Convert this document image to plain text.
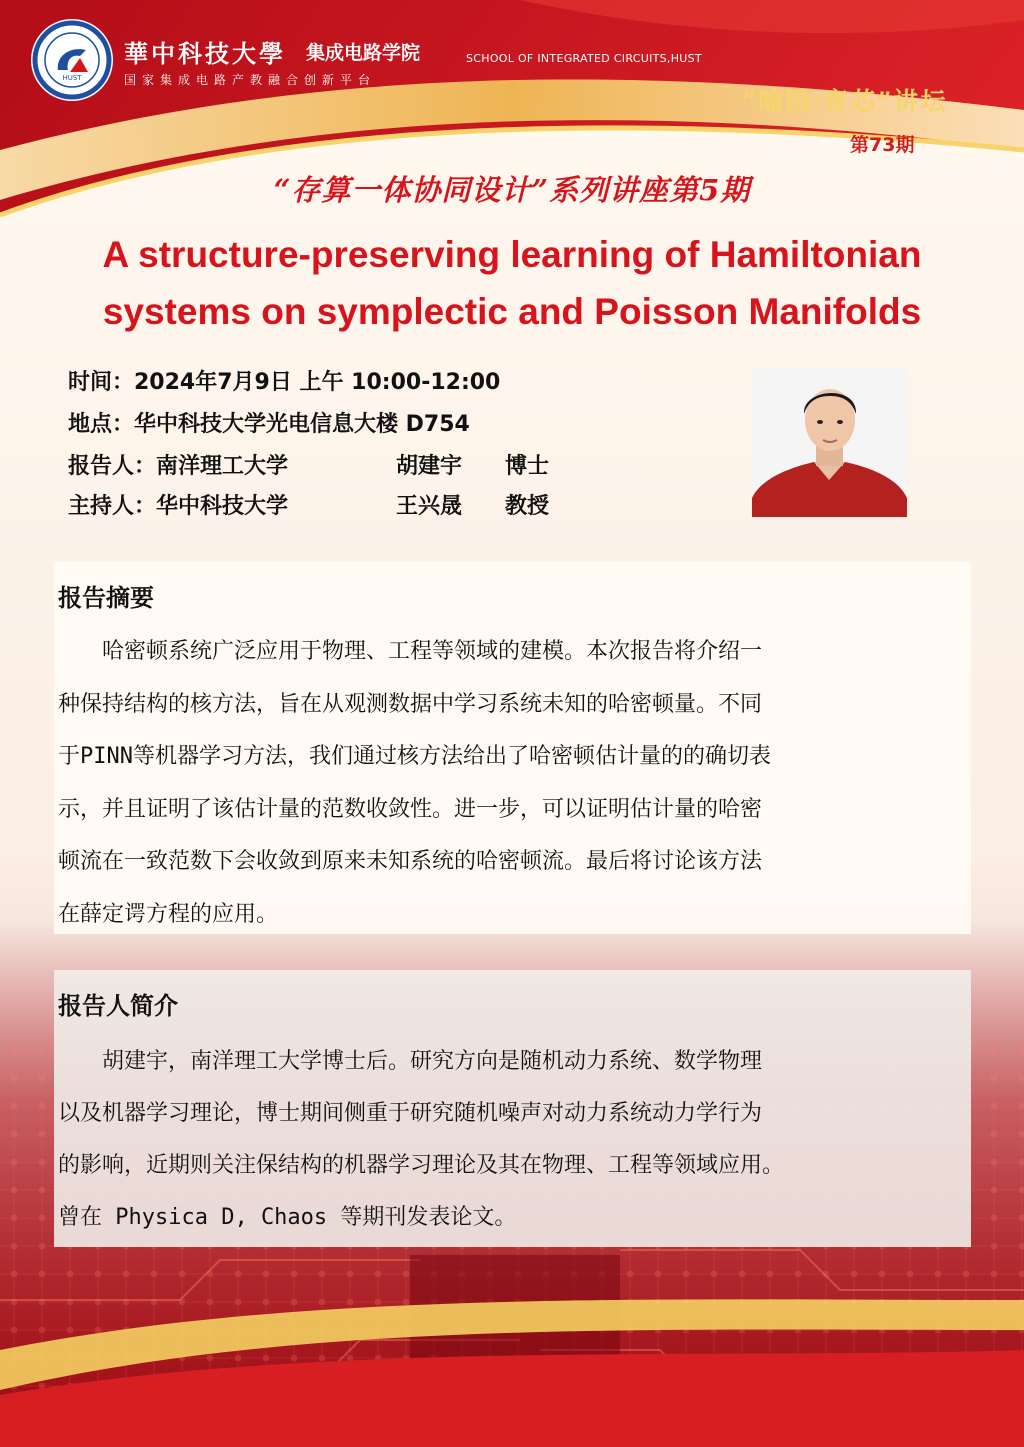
HUST
華中科技大學 集成电路学院	SCHOOL OF INTEGRATED CIRCUITS,HUST
国家集成电路产教融合创新平台
“喻园·育芯”讲坛
第73期
“存算一体协同设计”系列讲座第5期
A structure-preserving learning of Hamiltonian systems on symplectic and Poisson Manifolds
时间：2024年7月9日 上午 10:00-12:00
地点：华中科技大学光电信息大楼 D754
报告人：南洋理工大学	胡建宇 博士
主持人：华中科技大学	王兴晟 教授
报告摘要
　　哈密顿系统广泛应用于物理、工程等领域的建模。本次报告将介绍一
种保持结构的核方法，旨在从观测数据中学习系统未知的哈密顿量。不同
于PINN等机器学习方法，我们通过核方法给出了哈密顿估计量的的确切表
示，并且证明了该估计量的范数收敛性。进一步，可以证明估计量的哈密
顿流在一致范数下会收敛到原来未知系统的哈密顿流。最后将讨论该方法
在薛定谔方程的应用。
报告人简介
　　胡建宇，南洋理工大学博士后。研究方向是随机动力系统、数学物理
以及机器学习理论，博士期间侧重于研究随机噪声对动力系统动力学行为
的影响，近期则关注保结构的机器学习理论及其在物理、工程等领域应用。
曾在 Physica D, Chaos 等期刊发表论文。
